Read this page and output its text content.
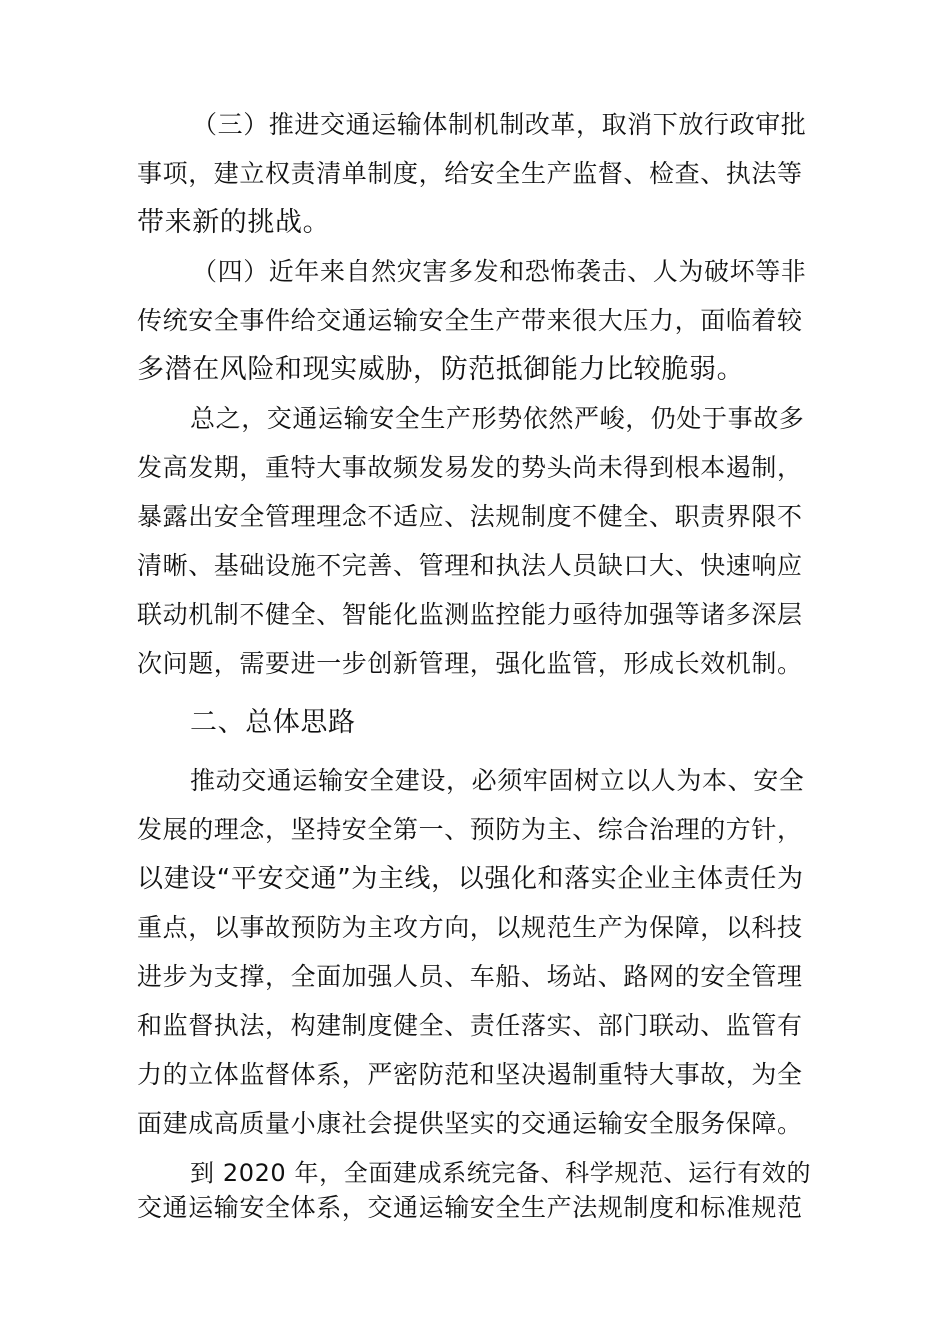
（三）推进交通运输体制机制改革，取消下放行政审批
事项，建立权责清单制度，给安全生产监督、检查、执法等
带来新的挑战。
（四）近年来自然灾害多发和恐怖袭击、人为破坏等非
传统安全事件给交通运输安全生产带来很大压力，面临着较
多潜在风险和现实威胁，防范抵御能力比较脆弱。
总之，交通运输安全生产形势依然严峻，仍处于事故多
发高发期，重特大事故频发易发的势头尚未得到根本遏制，
暴露出安全管理理念不适应、法规制度不健全、职责界限不
清晰、基础设施不完善、管理和执法人员缺口大、快速响应
联动机制不健全、智能化监测监控能力亟待加强等诸多深层
次问题，需要进一步创新管理，强化监管，形成长效机制。
二、总体思路
推动交通运输安全建设，必须牢固树立以人为本、安全
发展的理念，坚持安全第一、预防为主、综合治理的方针，
以建设“平安交通”为主线，以强化和落实企业主体责任为
重点，以事故预防为主攻方向，以规范生产为保障，以科技
进步为支撑，全面加强人员、车船、场站、路网的安全管理
和监督执法，构建制度健全、责任落实、部门联动、监管有
力的立体监督体系，严密防范和坚决遏制重特大事故，为全
面建成高质量小康社会提供坚实的交通运输安全服务保障。
到 2020 年，全面建成系统完备、科学规范、运行有效的
交通运输安全体系，交通运输安全生产法规制度和标准规范
